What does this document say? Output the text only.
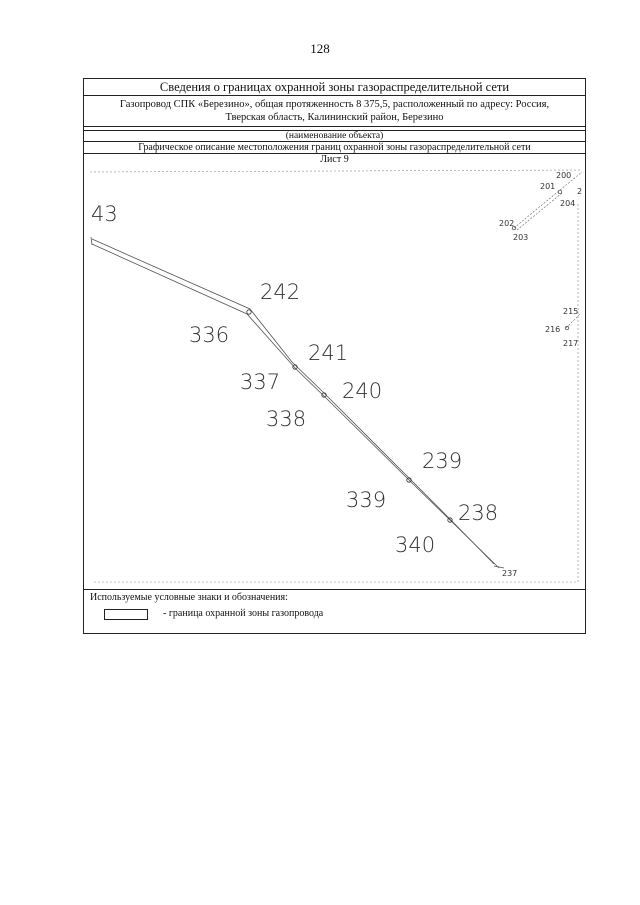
128
Сведения о границах охранной зоны газораспределительной сети
Газопровод СПК «Березино», общая протяженность 8 375,5, расположенный по адресу: Россия,
Тверская область, Калининский район, Березино
(наименование объекта)
Графическое описание местоположения границ охранной зоны газораспределительной сети
Лист 9
43
242
336
241
337	240
338
239
339
238
340
237
200
2
201
204
202
203
215
216
217
Используемые условные знаки и обозначения:
- граница охранной зоны газопровода
